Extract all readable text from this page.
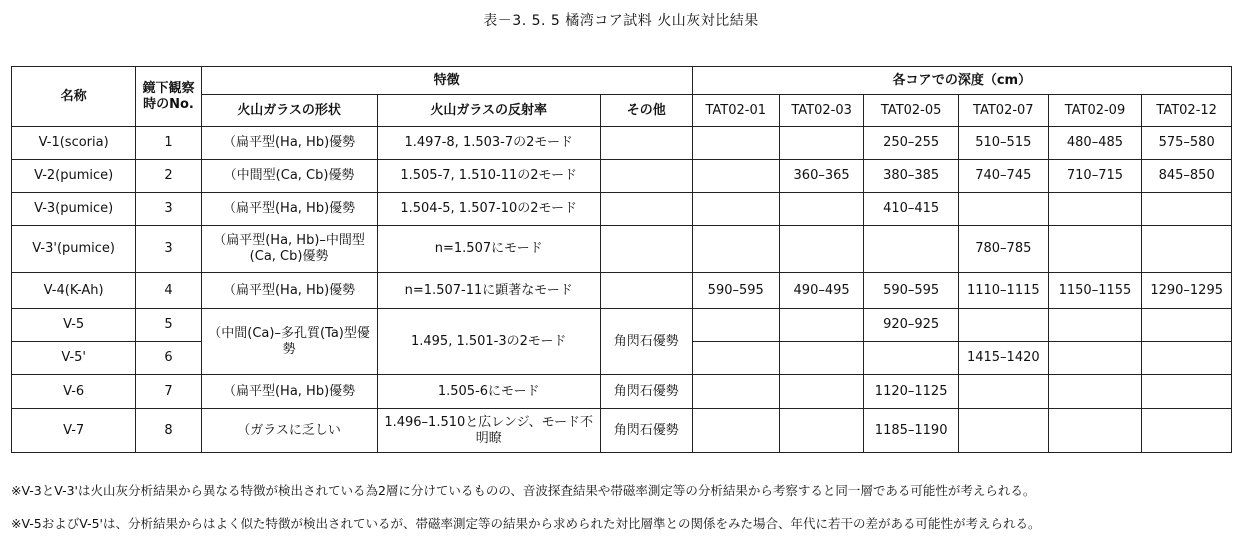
表－3. 5. 5 橘湾コア試料 火山灰対比結果
名称	鏡下観察時のNo.	特徴			各コアでの深度（cm）					
		火山ガラスの形状	火山ガラスの反射率	その他	TAT02-01	TAT02-03	TAT02-05	TAT02-07	TAT02-09	TAT02-12
V-1(scoria)	1	（扁平型(Ha, Hb)優勢	1.497-8, 1.503-7の2モード				250–255	510–515	480–485	575–580
V-2(pumice)	2	（中間型(Ca, Cb)優勢	1.505-7, 1.510-11の2モード			360–365	380–385	740–745	710–715	845–850
V-3(pumice)	3	（扁平型(Ha, Hb)優勢	1.504-5, 1.507-10の2モード				410–415			
V-3'(pumice)	3	（扁平型(Ha, Hb)–中間型(Ca, Cb)優勢	n=1.507にモード					780–785		
V-4(K-Ah)	4	（扁平型(Ha, Hb)優勢	n=1.507-11に顕著なモード		590–595	490–495	590–595	1110–1115	1150–1155	1290–1295
V-5	5	（中間(Ca)–多孔質(Ta)型優勢	1.495, 1.501-3の2モード	角閃石優勢			920–925			
V-5'	6							1415–1420		
V-6	7	（扁平型(Ha, Hb)優勢	1.505-6にモード	角閃石優勢			1120–1125			
V-7	8	（ガラスに乏しい	1.496–1.510と広レンジ、モード不明瞭	角閃石優勢			1185–1190			
※V-3とV-3'は火山灰分析結果から異なる特徴が検出されている為2層に分けているものの、音波探査結果や帯磁率測定等の分析結果から考察すると同一層である可能性が考えられる。
※V-5およびV-5'は、分析結果からはよく似た特徴が検出されているが、帯磁率測定等の結果から求められた対比層準との関係をみた場合、年代に若干の差がある可能性が考えられる。
